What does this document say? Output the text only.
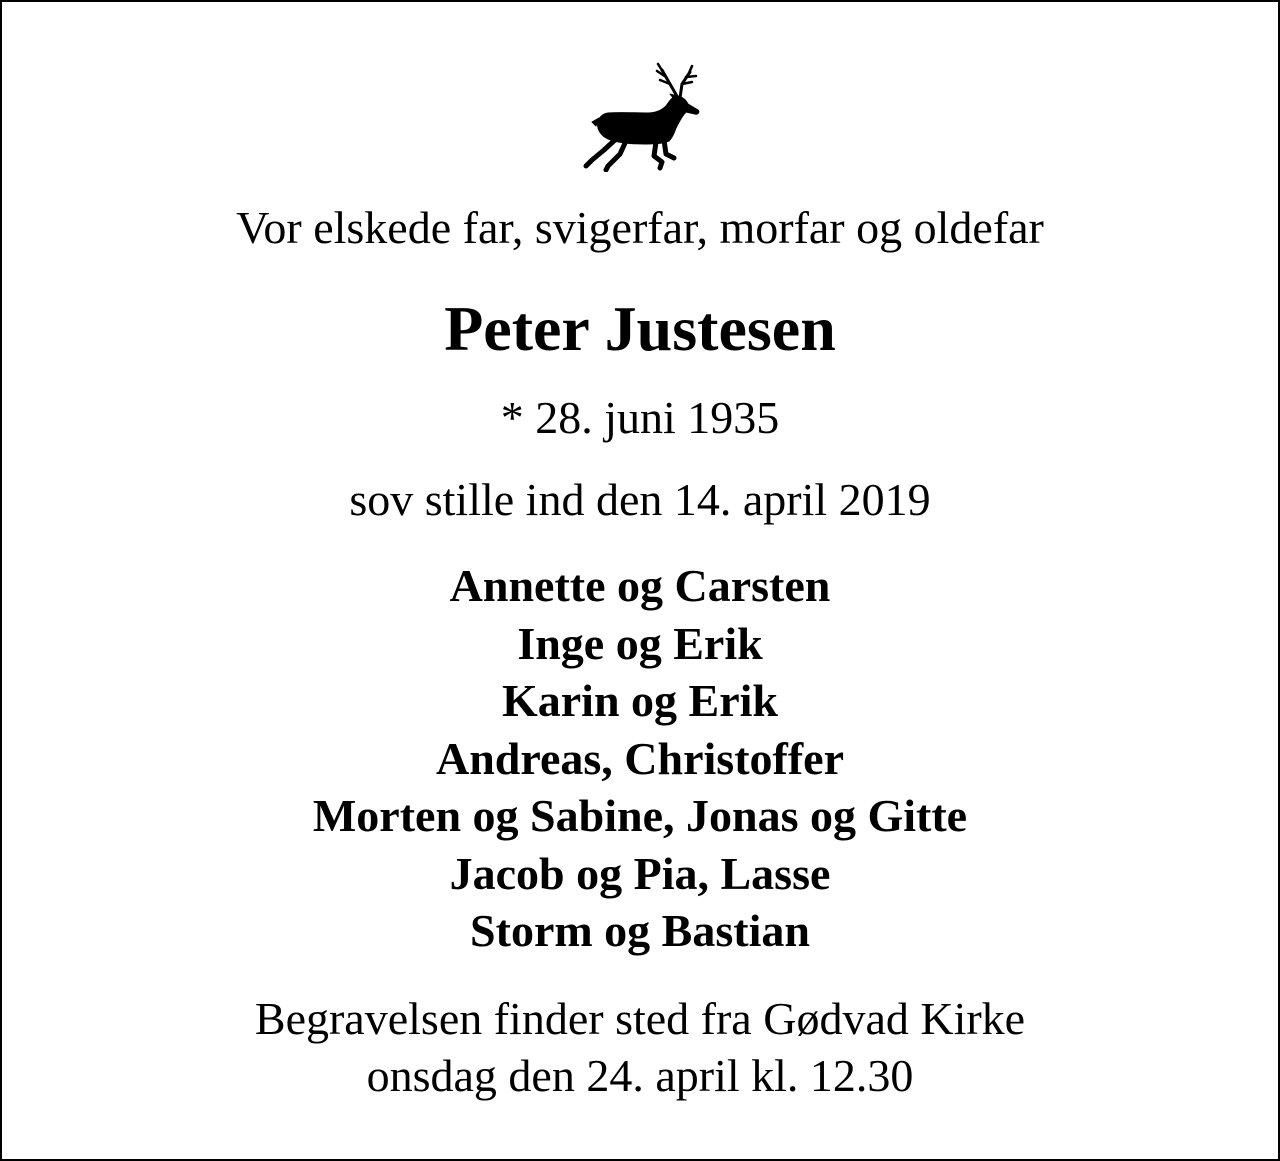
Vor elskede far, svigerfar, morfar og oldefar
Peter Justesen
* 28. juni 1935
sov stille ind den 14. april 2019
Annette og Carsten
Inge og Erik
Karin og Erik
Andreas, Christoffer
Morten og Sabine, Jonas og Gitte
Jacob og Pia, Lasse
Storm og Bastian
Begravelsen finder sted fra Gødvad Kirke
onsdag den 24. april kl. 12.30
